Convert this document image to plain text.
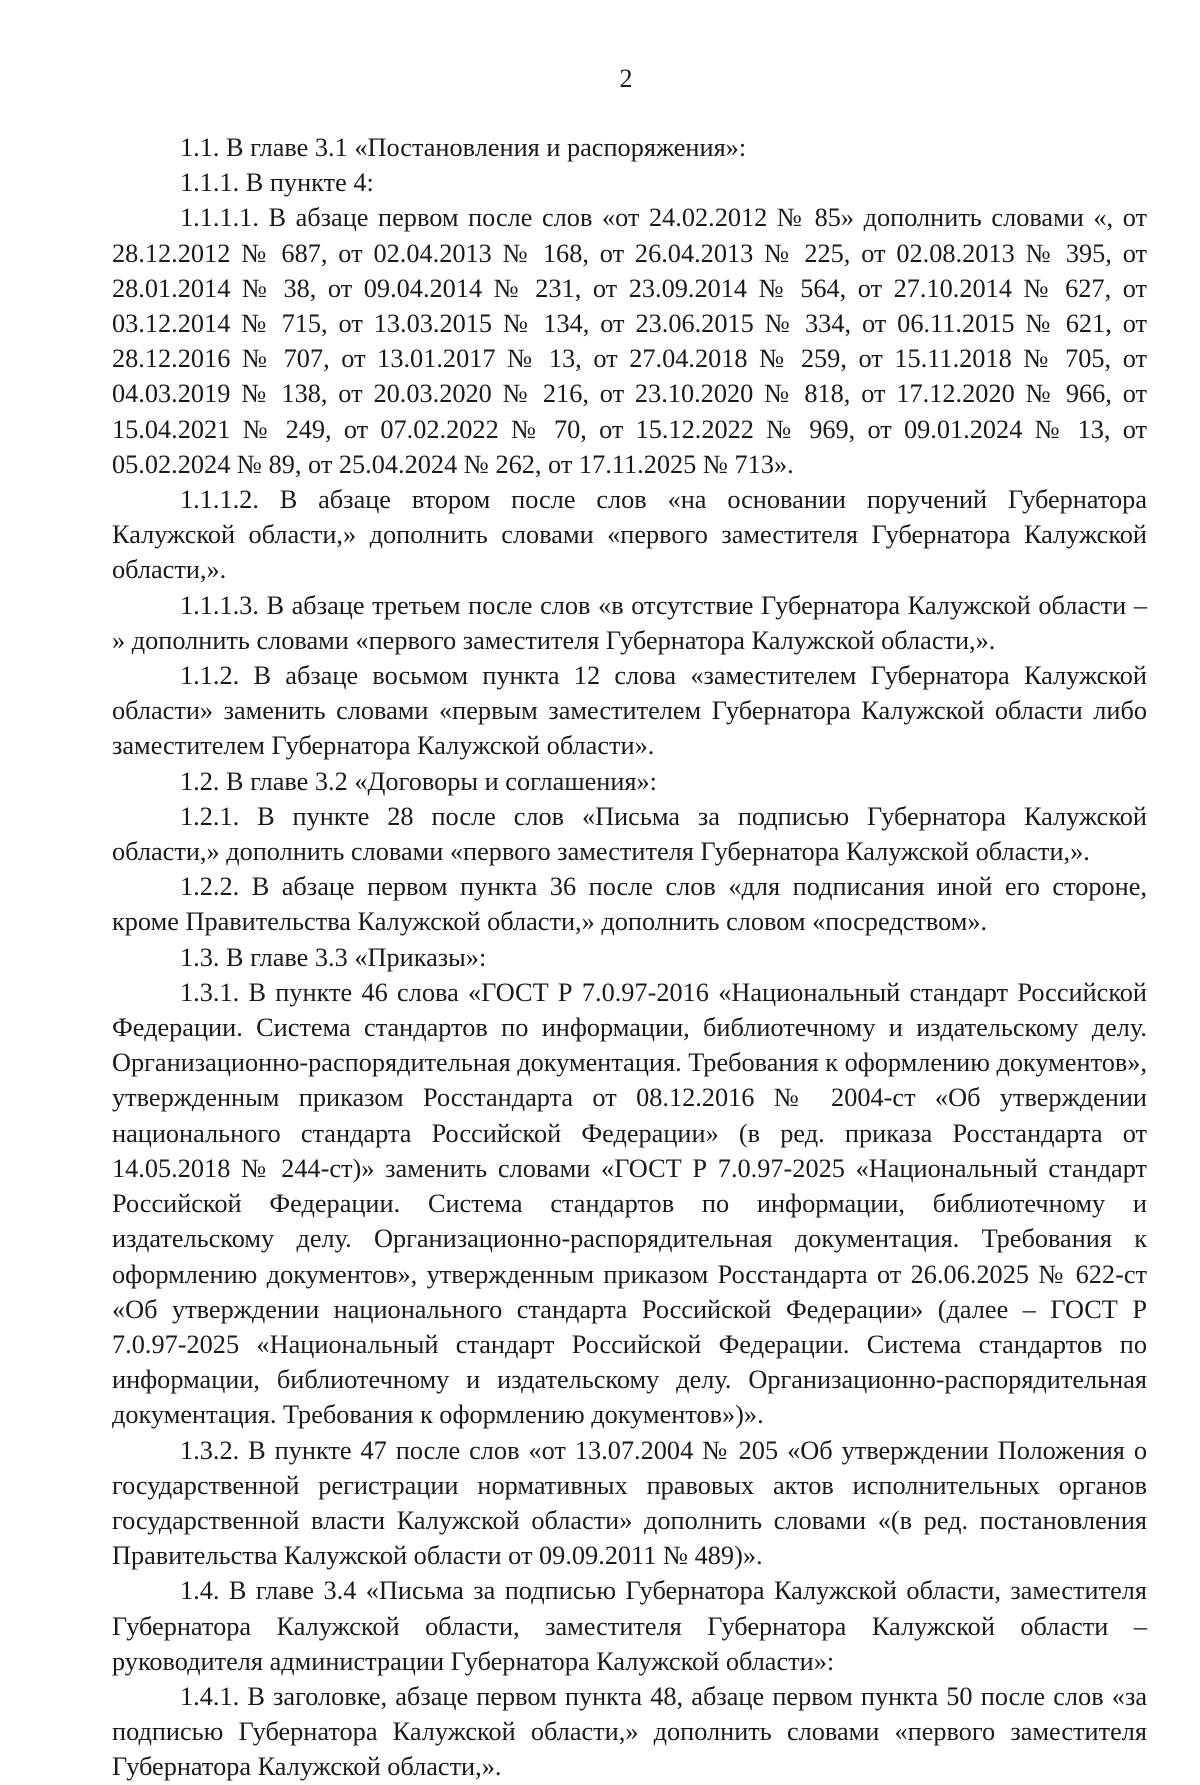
2

1.1. В главе 3.1 «Постановления и распоряжения»:

1.1.1. В пункте 4:

1.1.1.1. В абзаце первом после слов «от 24.02.2012 № 85» дополнить словами «, от 28.12.2012 № 687, от 02.04.2013 № 168, от 26.04.2013 № 225, от 02.08.2013 № 395, от 28.01.2014 № 38, от 09.04.2014 № 231, от 23.09.2014 № 564, от 27.10.2014 № 627, от 03.12.2014 № 715, от 13.03.2015 № 134, от 23.06.2015 № 334, от 06.11.2015 № 621, от 28.12.2016 № 707, от 13.01.2017 № 13, от 27.04.2018 № 259, от 15.11.2018 № 705, от 04.03.2019 № 138, от 20.03.2020 № 216, от 23.10.2020 № 818, от 17.12.2020 № 966, от 15.04.2021 № 249, от 07.02.2022 № 70, от 15.12.2022 № 969, от 09.01.2024 № 13, от 05.02.2024 № 89, от 25.04.2024 № 262, от 17.11.2025 № 713».

1.1.1.2. В абзаце втором после слов «на основании поручений Губернатора Калужской области,» дополнить словами «первого заместителя Губернатора Калужской области,».

1.1.1.3. В абзаце третьем после слов «в отсутствие Губернатора Калужской области – » дополнить словами «первого заместителя Губернатора Калужской области,».

1.1.2. В абзаце восьмом пункта 12 слова «заместителем Губернатора Калужской области» заменить словами «первым заместителем Губернатора Калужской области либо заместителем Губернатора Калужской области».

1.2. В главе 3.2 «Договоры и соглашения»:

1.2.1. В пункте 28 после слов «Письма за подписью Губернатора Калужской области,» дополнить словами «первого заместителя Губернатора Калужской области,».

1.2.2. В абзаце первом пункта 36 после слов «для подписания иной его стороне, кроме Правительства Калужской области,» дополнить словом «посредством».

1.3. В главе 3.3 «Приказы»:

1.3.1. В пункте 46 слова «ГОСТ Р 7.0.97-2016 «Национальный стандарт Российской Федерации. Система стандартов по информации, библиотечному и издательскому делу. Организационно-распорядительная документация. Требования к оформлению документов», утвержденным приказом Росстандарта от 08.12.2016 № 2004-ст «Об утверждении национального стандарта Российской Федерации» (в ред. приказа Росстандарта от 14.05.2018 № 244-ст)» заменить словами «ГОСТ Р 7.0.97-2025 «Национальный стандарт Российской Федерации. Система стандартов по информации, библиотечному и издательскому делу. Организационно-распорядительная документация. Требования к оформлению документов», утвержденным приказом Росстандарта от 26.06.2025 № 622-ст «Об утверждении национального стандарта Российской Федерации» (далее – ГОСТ Р 7.0.97-2025 «Национальный стандарт Российской Федерации. Система стандартов по информации, библиотечному и издательскому делу. Организационно-распорядительная документация. Требования к оформлению документов»)».

1.3.2. В пункте 47 после слов «от 13.07.2004 № 205 «Об утверждении Положения о государственной регистрации нормативных правовых актов исполнительных органов государственной власти Калужской области» дополнить словами «(в ред. постановления Правительства Калужской области от 09.09.2011 № 489)».

1.4. В главе 3.4 «Письма за подписью Губернатора Калужской области, заместителя Губернатора Калужской области, заместителя Губернатора Калужской области – руководителя администрации Губернатора Калужской области»:

1.4.1. В заголовке, абзаце первом пункта 48, абзаце первом пункта 50 после слов «за подписью Губернатора Калужской области,» дополнить словами «первого заместителя Губернатора Калужской области,».
